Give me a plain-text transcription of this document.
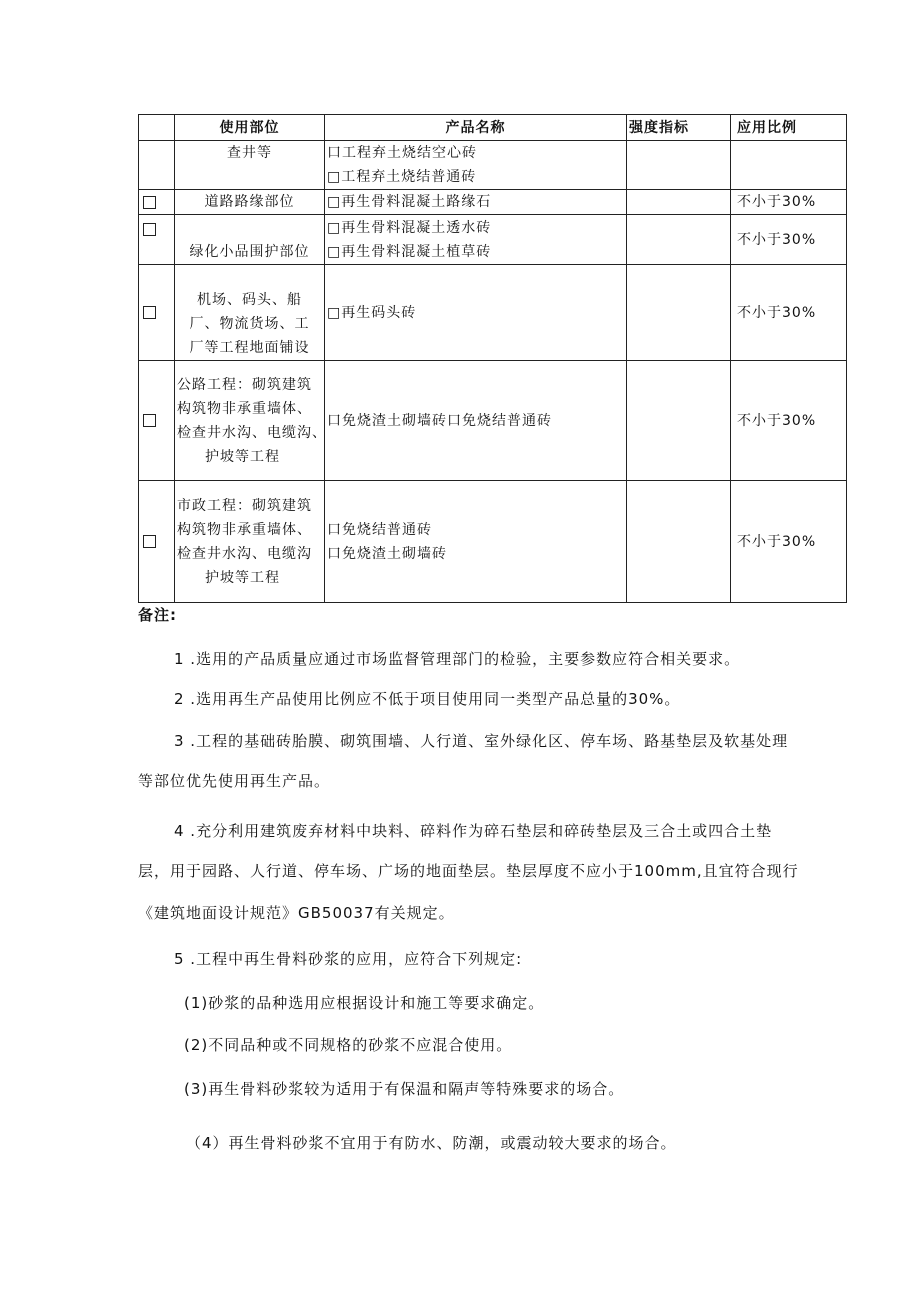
	使用部位	产品名称	强度指标	应用比例

	查井等	口工程弃土烧结空心砖
□工程弃土烧结普通砖		

	道路路缘部位	□再生骨料混凝土路缘石		不小于30%

	绿化小品围护部位	□再生骨料混凝土透水砖
□再生骨料混凝土植草砖		不小于30%

	机场、码头、船
厂、物流货场、工
厂等工程地面铺设	□再生码头砖		不小于30%

	公路工程：砌筑建筑
构筑物非承重墙体、
检查井水沟、电缆沟、
护坡等工程	口免烧渣土砌墙砖口免烧结普通砖		不小于30%

	市政工程：砌筑建筑
构筑物非承重墙体、
检查井水沟、电缆沟
护坡等工程	口免烧结普通砖
口免烧渣土砌墙砖		不小于30%
备注:
1 .选用的产品质量应通过市场监督管理部门的检验，主要参数应符合相关要求。
2 .选用再生产品使用比例应不低于项目使用同一类型产品总量的30%。
3 .工程的基础砖胎膜、砌筑围墙、人行道、室外绿化区、停车场、路基垫层及软基处理
等部位优先使用再生产品。
4 .充分利用建筑废弃材料中块料、碎料作为碎石垫层和碎砖垫层及三合土或四合土垫
层，用于园路、人行道、停车场、广场的地面垫层。垫层厚度不应小于100mm,且宜符合现行
《建筑地面设计规范》GB50037有关规定。
5 .工程中再生骨料砂浆的应用，应符合下列规定:
(1)砂浆的品种选用应根据设计和施工等要求确定。
(2)不同品种或不同规格的砂浆不应混合使用。
(3)再生骨料砂浆较为适用于有保温和隔声等特殊要求的场合。
（4）再生骨料砂浆不宜用于有防水、防潮，或震动较大要求的场合。
